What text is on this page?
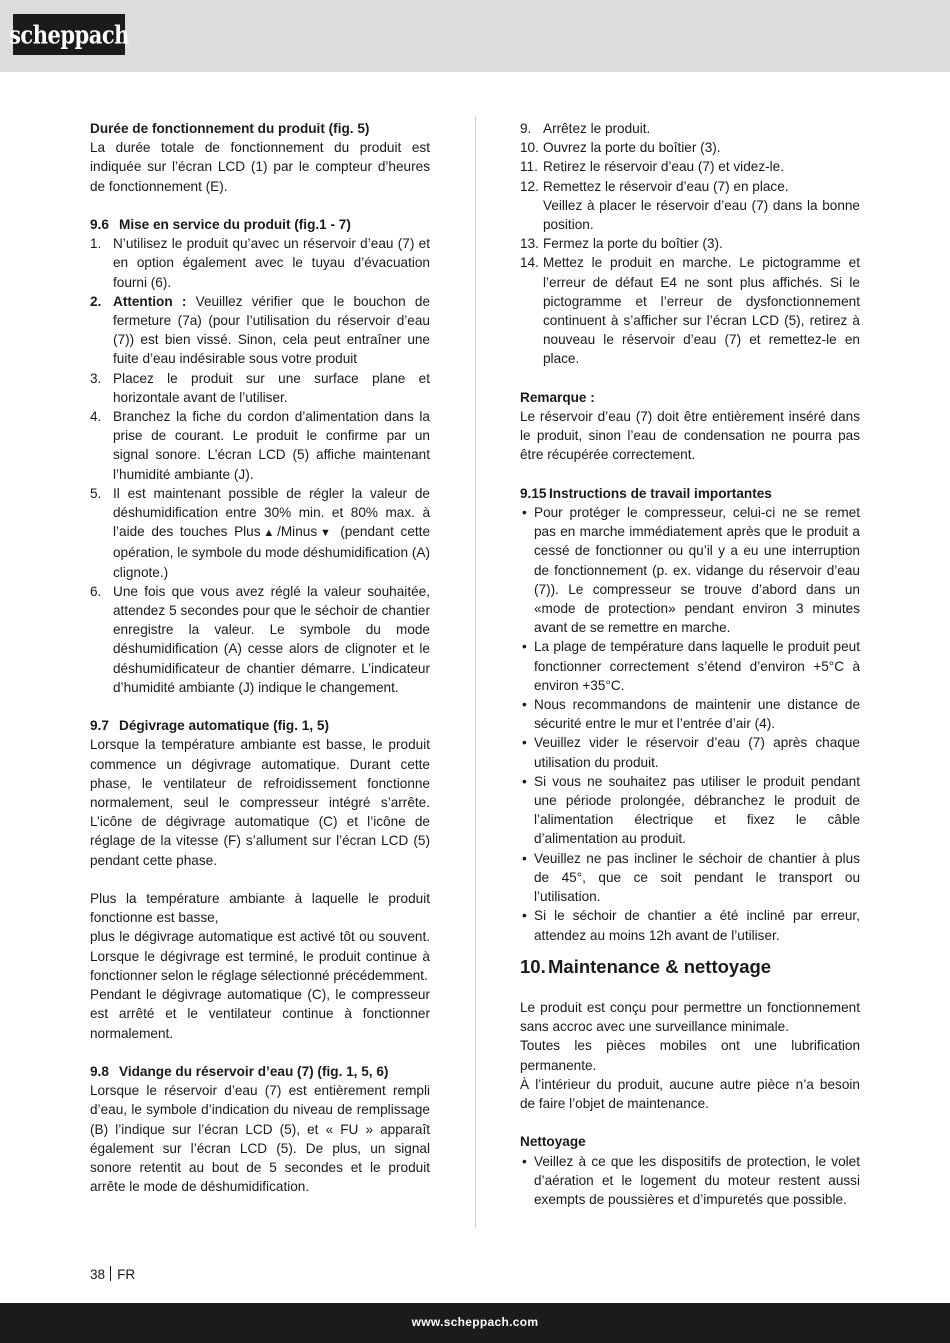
scheppach

Durée de fonctionnement du produit (fig. 5)

La durée totale de fonctionnement du produit est indiquée sur l’écran LCD (1) par le compteur d’heures de fonctionnement (E).

9.6 Mise en service du produit (fig.1 - 7)

1. N’utilisez le produit qu’avec un réservoir d’eau (7) et en option également avec le tuyau d’évacuation fourni (6).
2. Attention : Veuillez vérifier que le bouchon de fermeture (7a) (pour l’utilisation du réservoir d’eau (7)) est bien vissé. Sinon, cela peut entraîner une fuite d’eau indésirable sous votre produit
3. Placez le produit sur une surface plane et horizontale avant de l’utiliser.
4. Branchez la fiche du cordon d’alimentation dans la prise de courant. Le produit le confirme par un signal sonore. L’écran LCD (5) affiche maintenant l’humidité ambiante (J).
5. Il est maintenant possible de régler la valeur de déshumidification entre 30% min. et 80% max. à l’aide des touches Plus▲/Minus▼ (pendant cette opération, le symbole du mode déshumidification (A) clignote.)
6. Une fois que vous avez réglé la valeur souhaitée, attendez 5 secondes pour que le séchoir de chantier enregistre la valeur. Le symbole du mode déshumidification (A) cesse alors de clignoter et le déshumidificateur de chantier démarre. L’indicateur d’humidité ambiante (J) indique le changement.

9.7 Dégivrage automatique (fig. 1, 5)

Lorsque la température ambiante est basse, le produit commence un dégivrage automatique. Durant cette phase, le ventilateur de refroidissement fonctionne normalement, seul le compresseur intégré s’arrête. L’icône de dégivrage automatique (C) et l’icône de réglage de la vitesse (F) s’allument sur l’écran LCD (5) pendant cette phase.

Plus la température ambiante à laquelle le produit fonctionne est basse,

plus le dégivrage automatique est activé tôt ou souvent. Lorsque le dégivrage est terminé, le produit continue à fonctionner selon le réglage sélectionné précédemment.

Pendant le dégivrage automatique (C), le compresseur est arrêté et le ventilateur continue à fonctionner normalement.

9.8 Vidange du réservoir d’eau (7) (fig. 1, 5, 6)

Lorsque le réservoir d’eau (7) est entièrement rempli d’eau, le symbole d’indication du niveau de remplissage (B) l’indique sur l’écran LCD (5), et « FU » apparaît également sur l’écran LCD (5). De plus, un signal sonore retentit au bout de 5 secondes et le produit arrête le mode de déshumidification.

9. Arrêtez le produit.
10. Ouvrez la porte du boîtier (3).
11. Retirez le réservoir d’eau (7) et videz-le.
12. Remettez le réservoir d’eau (7) en place.
Veillez à placer le réservoir d’eau (7) dans la bonne position.
13. Fermez la porte du boîtier (3).
14. Mettez le produit en marche. Le pictogramme et l’erreur de défaut E4 ne sont plus affichés. Si le pictogramme et l’erreur de dysfonctionnement continuent à s’afficher sur l’écran LCD (5), retirez à nouveau le réservoir d’eau (7) et remettez-le en place.

Remarque :

Le réservoir d’eau (7) doit être entièrement inséré dans le produit, sinon l’eau de condensation ne pourra pas être récupérée correctement.

9.15 Instructions de travail importantes

• Pour protéger le compresseur, celui-ci ne se remet pas en marche immédiatement après que le produit a cessé de fonctionner ou qu’il y a eu une interruption de fonctionnement (p. ex. vidange du réservoir d’eau (7)). Le compresseur se trouve d’abord dans un «mode de protection» pendant environ 3 minutes avant de se remettre en marche.
• La plage de température dans laquelle le produit peut fonctionner correctement s’étend d’environ +5°C à environ +35°C.
• Nous recommandons de maintenir une distance de sécurité entre le mur et l’entrée d’air (4).
• Veuillez vider le réservoir d’eau (7) après chaque utilisation du produit.
• Si vous ne souhaitez pas utiliser le produit pendant une période prolongée, débranchez le produit de l’alimentation électrique et fixez le câble d’alimentation au produit.
• Veuillez ne pas incliner le séchoir de chantier à plus de 45°, que ce soit pendant le transport ou l’utilisation.
• Si le séchoir de chantier a été incliné par erreur, attendez au moins 12h avant de l’utiliser.

10. Maintenance & nettoyage

Le produit est conçu pour permettre un fonctionnement sans accroc avec une surveillance minimale.

Toutes les pièces mobiles ont une lubrification permanente.

À l’intérieur du produit, aucune autre pièce n’a besoin de faire l’objet de maintenance.

Nettoyage

• Veillez à ce que les dispositifs de protection, le volet d’aération et le logement du moteur restent aussi exempts de poussières et d’impuretés que possible.
38 FR
www.scheppach.com
